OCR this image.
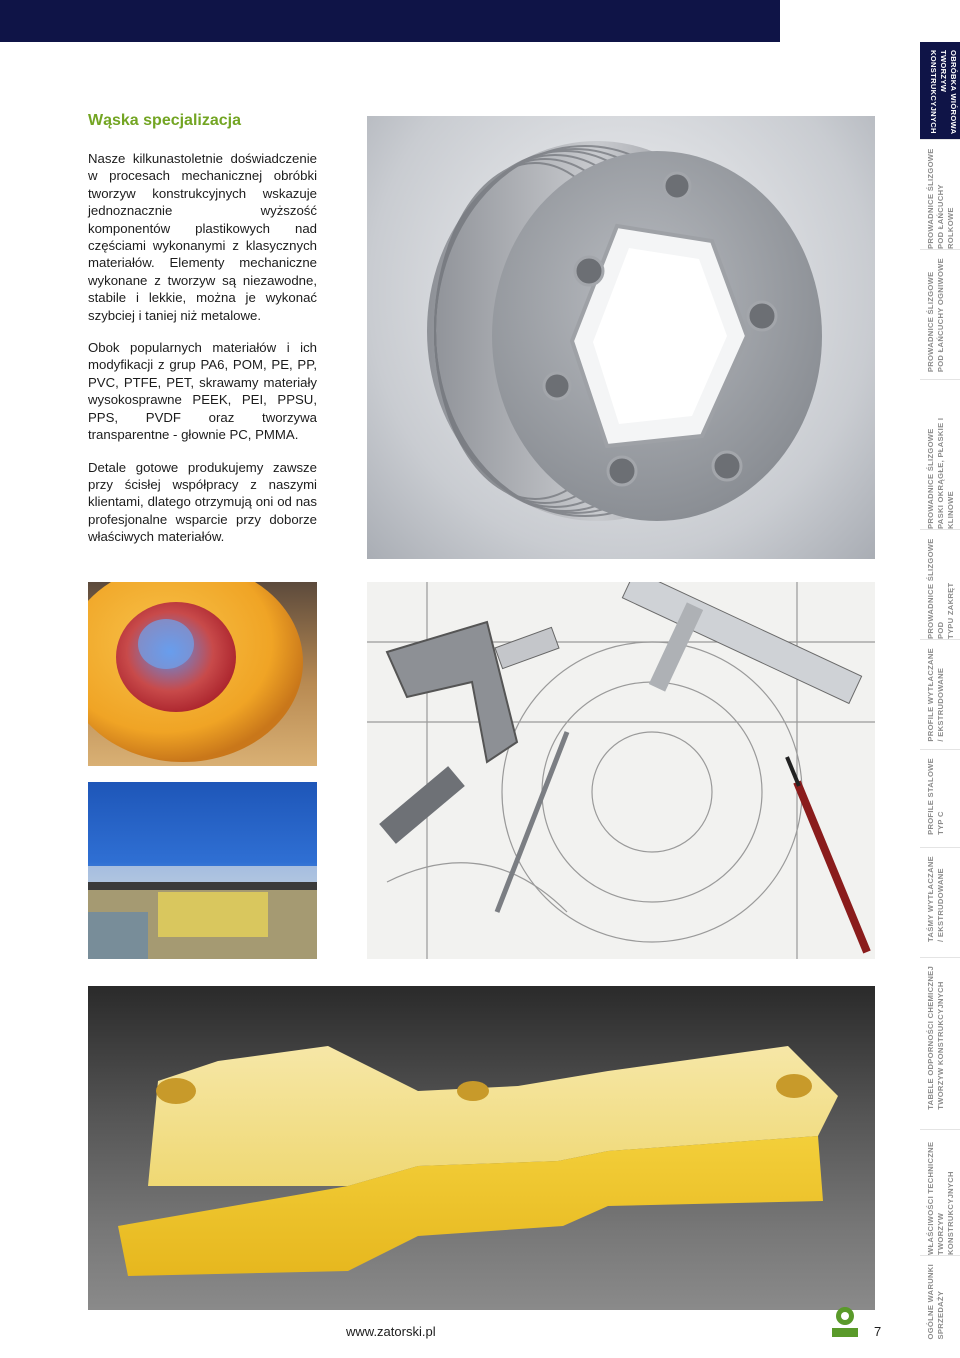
Wąska specjalizacja

Nasze kilkunastoletnie doświadczenie w procesach mechanicznej obróbki tworzyw konstrukcyjnych wskazuje jednoznacznie wyższość komponentów plastikowych nad częściami wykonanymi z klasycznych materiałów. Elementy mechaniczne wykonane z tworzyw są niezawodne, stabile i lekkie, można je wykonać szybciej i taniej niż metalowe.

Obok popularnych materiałów i ich modyfikacji z grup PA6, POM, PE, PP, PVC, PTFE, PET, skrawamy materiały wysokosprawne PEEK, PEI, PPSU, PPS, PVDF oraz tworzywa transparentne - głownie PC, PMMA.

Detale gotowe produkujemy zawsze przy ścisłej współpracy z naszymi klientami, dlatego otrzymują oni od nas profesjonalne wsparcie przy doborze właściwych materiałów.

www.zatorski.pl	7
OBRÓBKA WIÓROWA
TWORZYW
KONSTRUKCYJNYCH
PROWADNICE ŚLIZGOWE
POD ŁAŃCUCHY ROLKOWE
PROWADNICE ŚLIZGOWE
POD ŁAŃCUCHY OGNIWOWE
PROWADNICE ŚLIZGOWE
PASKI OKRĄGŁE, PŁASKIE I KLINOWE
PROWADNICE ŚLIZGOWE POD
TYPU ZAKRĘT
PROFILE WYTŁACZANE
/ EKSTRUDOWANE
PROFILE STALOWE
TYP C
TAŚMY WYTŁACZANE
/ EKSTRUDOWANE
TABELE ODPORNOŚCI CHEMICZNEJ
TWORZYW KONSTRUKCYJNYCH
WŁAŚCIWOŚCI TECHNICZNE
TWORZYW KONSTRUKCYJNYCH
OGÓLNE WARUNKI
SPRZEDAŻY
